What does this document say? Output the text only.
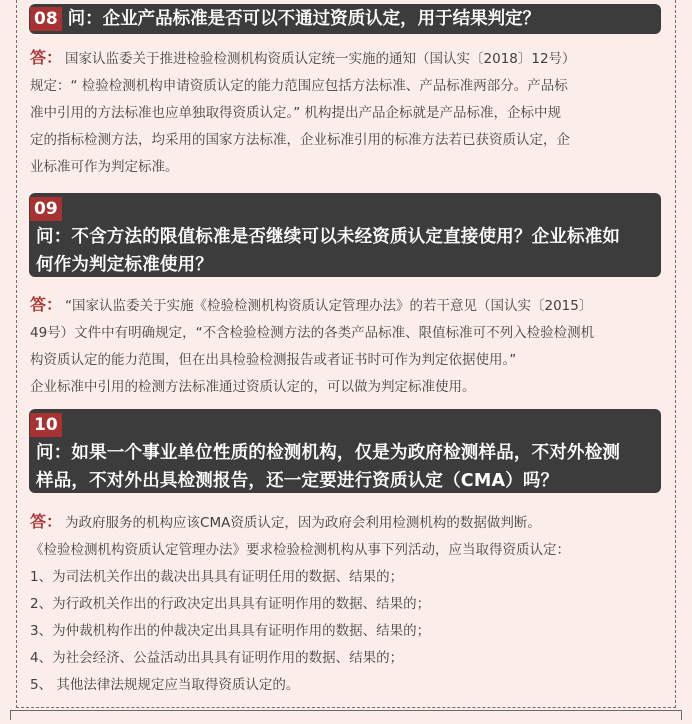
08 问：企业产品标准是否可以不通过资质认定，用于结果判定？
答： 国家认监委关于推进检验检测机构资质认定统一实施的通知（国认实〔2018〕12号）
规定：“ 检验检测机构申请资质认定的能力范围应包括方法标准、产品标准两部分。产品标
准中引用的方法标准也应单独取得资质认定。” 机构提出产品企标就是产品标准，企标中规
定的指标检测方法，均采用的国家方法标准，企业标准引用的标准方法若已获资质认定，企
业标准可作为判定标准。
09
问：不含方法的限值标准是否继续可以未经资质认定直接使用？企业标准如
何作为判定标准使用？
答： “国家认监委关于实施《检验检测机构资质认定管理办法》的若干意见（国认实〔2015〕
49号）文件中有明确规定，“不含检验检测方法的各类产品标准、限值标准可不列入检验检测机
构资质认定的能力范围，但在出具检验检测报告或者证书时可作为判定依据使用。”
企业标准中引用的检测方法标准通过资质认定的，可以做为判定标准使用。
10
问：如果一个事业单位性质的检测机构，仅是为政府检测样品，不对外检测
样品，不对外出具检测报告，还一定要进行资质认定（CMA）吗？
答： 为政府服务的机构应该CMA资质认定，因为政府会利用检测机构的数据做判断。
《检验检测机构资质认定管理办法》要求检验检测机构从事下列活动，应当取得资质认定：
1、为司法机关作出的裁决出具具有证明任用的数据、结果的；
2、为行政机关作出的行政决定出具具有证明作用的数据、结果的；
3、为仲裁机构作出的仲裁决定出具具有证明作用的数据、结果的；
4、为社会经济、公益活动出具具有证明作用的数据、结果的；
5、 其他法律法规规定应当取得资质认定的。
